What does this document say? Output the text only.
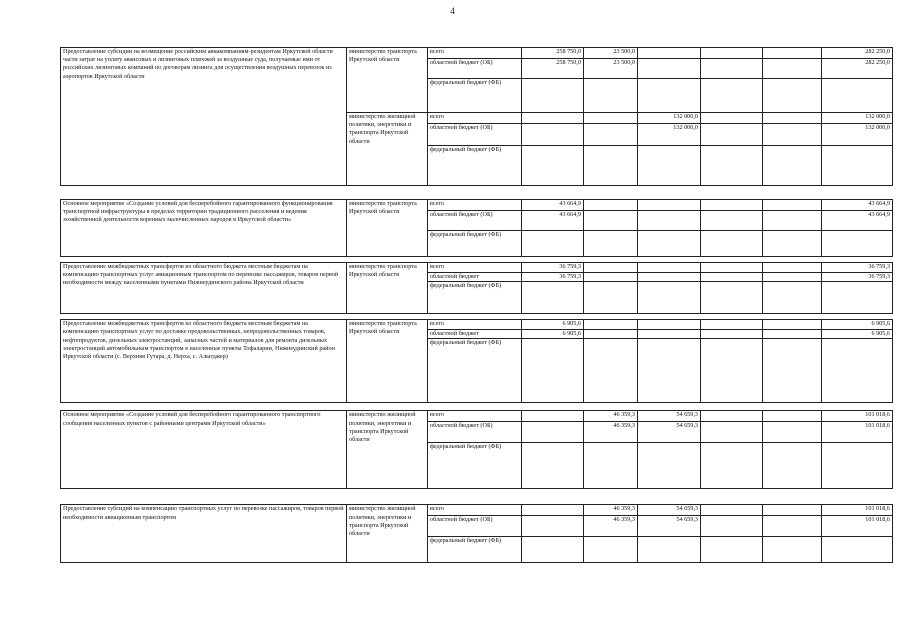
4
Предоставление субсидии на возмещение российским авиакомпаниям-резидентам Иркутской области части затрат на уплату авансовых и лизинговых платежей за воздушные суда, получаемые ими от российских лизинговых компаний по договорам лизинга для осуществления воздушных перевозок из аэропортов Иркутской области	министерство транспорта Иркутской области	всего	258 750,0	23 500,0				282 250,0
		областной бюджет (ОБ)	258 750,0	23 500,0				282 250,0
		федеральный бюджет (ФБ)						
	министерство жилищной политики, энергетики и транспорта Иркутской области	всего			132 000,0			132 000,0
		областной бюджет (ОБ)			132 000,0			132 000,0
		федеральный бюджет (ФБ)						

Основное мероприятие «Создание условий для бесперебойного гарантированного функционирования транспортной инфраструктуры в пределах территории традиционного расселения и ведения хозяйственной деятельности коренных малочисленных народов в Иркутской области»	министерство транспорта Иркутской области	всего	43 664,9					43 664,9
		областной бюджет (ОБ)	43 664,9					43 664,9
		федеральный бюджет (ФБ)						

Предоставление межбюджетных трансфертов из областного бюджета местным бюджетам на компенсацию транспортных услуг авиационным транспортом по перевозке пассажиров, товаров первой необходимости между населенными пунктами Нижнеудинского района Иркутской области	министерство транспорта Иркутской области	всего	36 759,3					36 759,3
		областной бюджет	36 759,3					36 759,3
		федеральный бюджет (ФБ)						

Предоставление межбюджетных трансфертов из областного бюджета местным бюджетам на компенсацию транспортных услуг по доставке продовольственных, непродовольственных товаров, нефтепродуктов, дизельных электростанций, запасных частей и материалов для ремонта дизельных электростанций автомобильным транспортом в населенные пункты Тофаларии, Нижнеудинский район Иркутской области (с. Верхняя Гутара, д. Нерха, с. Алыгджер)	министерство транспорта Иркутской области	всего	6 905,6					6 905,6
		областной бюджет	6 905,6					6 905,6
		федеральный бюджет (ФБ)						

Основное мероприятие «Создание условий для бесперебойного гарантированного транспортного сообщения населенных пунктов с районными центрами Иркутской области»	министерство жилищной политики, энергетики и транспорта Иркутской области	всего		46 359,3	54 659,3			101 018,6
		областной бюджет (ОБ)		46 359,3	54 659,3			101 018,6
		федеральный бюджет (ФБ)						

Предоставление субсидий на компенсацию транспортных услуг по перевозке пассажиров, товаров первой необходимости авиационным транспортом	министерство жилищной политики, энергетики и транспорта Иркутской области	всего		46 359,3	54 659,3			101 018,6
		областной бюджет (ОБ)		46 359,3	54 659,3			101 018,6
		федеральный бюджет (ФБ)						
